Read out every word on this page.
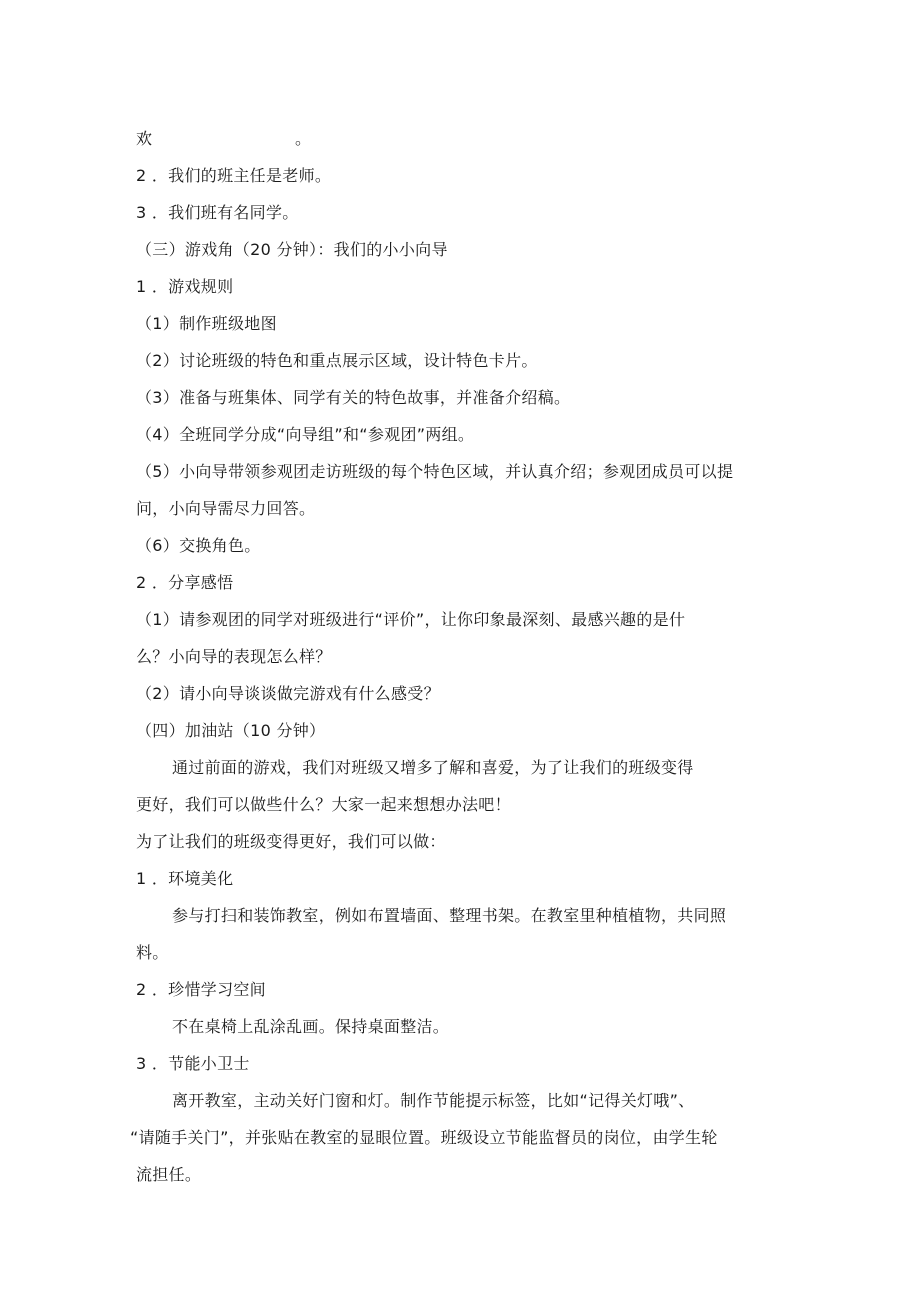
欢	。
2 ．我们的班主任是老师。
3 ．我们班有名同学。
（三）游戏角（20 分钟）：我们的小小向导
1 ．游戏规则
（1）制作班级地图
（2）讨论班级的特色和重点展示区域，设计特色卡片。
（3）准备与班集体、同学有关的特色故事，并准备介绍稿。
（4）全班同学分成“向导组”和“参观团”两组。
（5）小向导带领参观团走访班级的每个特色区域，并认真介绍；参观团成员可以提
问，小向导需尽力回答。
（6）交换角色。
2 ．分享感悟
（1）请参观团的同学对班级进行“评价”，让你印象最深刻、最感兴趣的是什
么？小向导的表现怎么样？
（2）请小向导谈谈做完游戏有什么感受？
（四）加油站（10 分钟）
通过前面的游戏，我们对班级又增多了解和喜爱，为了让我们的班级变得
更好，我们可以做些什么？大家一起来想想办法吧！
为了让我们的班级变得更好，我们可以做：
1 ．环境美化
参与打扫和装饰教室，例如布置墙面、整理书架。在教室里种植植物，共同照
料。
2 ．珍惜学习空间
不在桌椅上乱涂乱画。保持桌面整洁。
3 ．节能小卫士
离开教室，主动关好门窗和灯。制作节能提示标签，比如“记得关灯哦”、
“请随手关门”，并张贴在教室的显眼位置。班级设立节能监督员的岗位，由学生轮
流担任。
